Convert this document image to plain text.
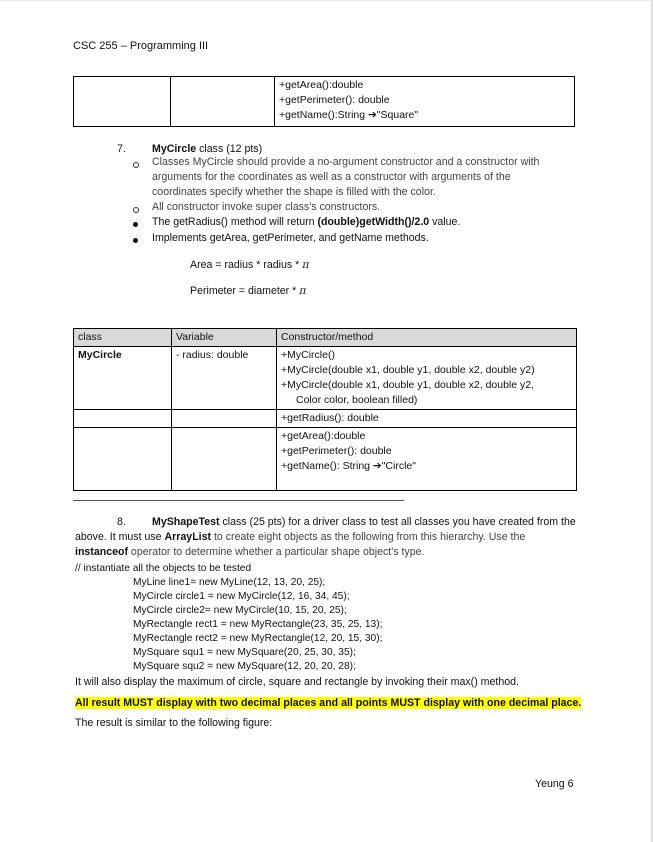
CSC 255 – Programming III

+getArea():double
+getPerimeter(): double
+getName():String ➔"Square"
7. MyCircle class (12 pts)
Classes MyCircle should provide a no-argument constructor and a constructor with
arguments for the coordinates as well as a constructor with arguments of the
coordinates specify whether the shape is filled with the color.
All constructor invoke super class's constructors.
The getRadius() method will return (double)getWidth()/2.0 value.
Implements getArea, getPerimeter, and getName methods.
Area = radius * radius * π
Perimeter = diameter * π
class	Variable	Constructor/method
MyCircle	- radius: double	+MyCircle()
+MyCircle(double x1, double y1, double x2, double y2)
+MyCircle(double x1, double y1, double x2, double y2,
Color color, boolean filled)

		+getRadius(): double

		+getArea():double
+getPerimeter(): double
+getName(): String ➔"Circle"
8. MyShapeTest class (25 pts) for a driver class to test all classes you have created from the
above. It must use ArrayList to create eight objects as the following from this hierarchy. Use the
instanceof operator to determine whether a particular shape object's type.
// instantiate all the objects to be tested
MyLine line1= new MyLine(12, 13, 20, 25);
MyCircle circle1 = new MyCircle(12, 16, 34, 45);
MyCircle circle2= new MyCircle(10, 15, 20, 25);
MyRectangle rect1 = new MyRectangle(23, 35, 25, 13);
MyRectangle rect2 = new MyRectangle(12, 20, 15, 30);
MySquare squ1 = new MySquare(20, 25, 30, 35);
MySquare squ2 = new MySquare(12, 20, 20, 28);
It will also display the maximum of circle, square and rectangle by invoking their max() method.
All result MUST display with two decimal places and all points MUST display with one decimal place.
The result is similar to the following figure:
Yeung 6
